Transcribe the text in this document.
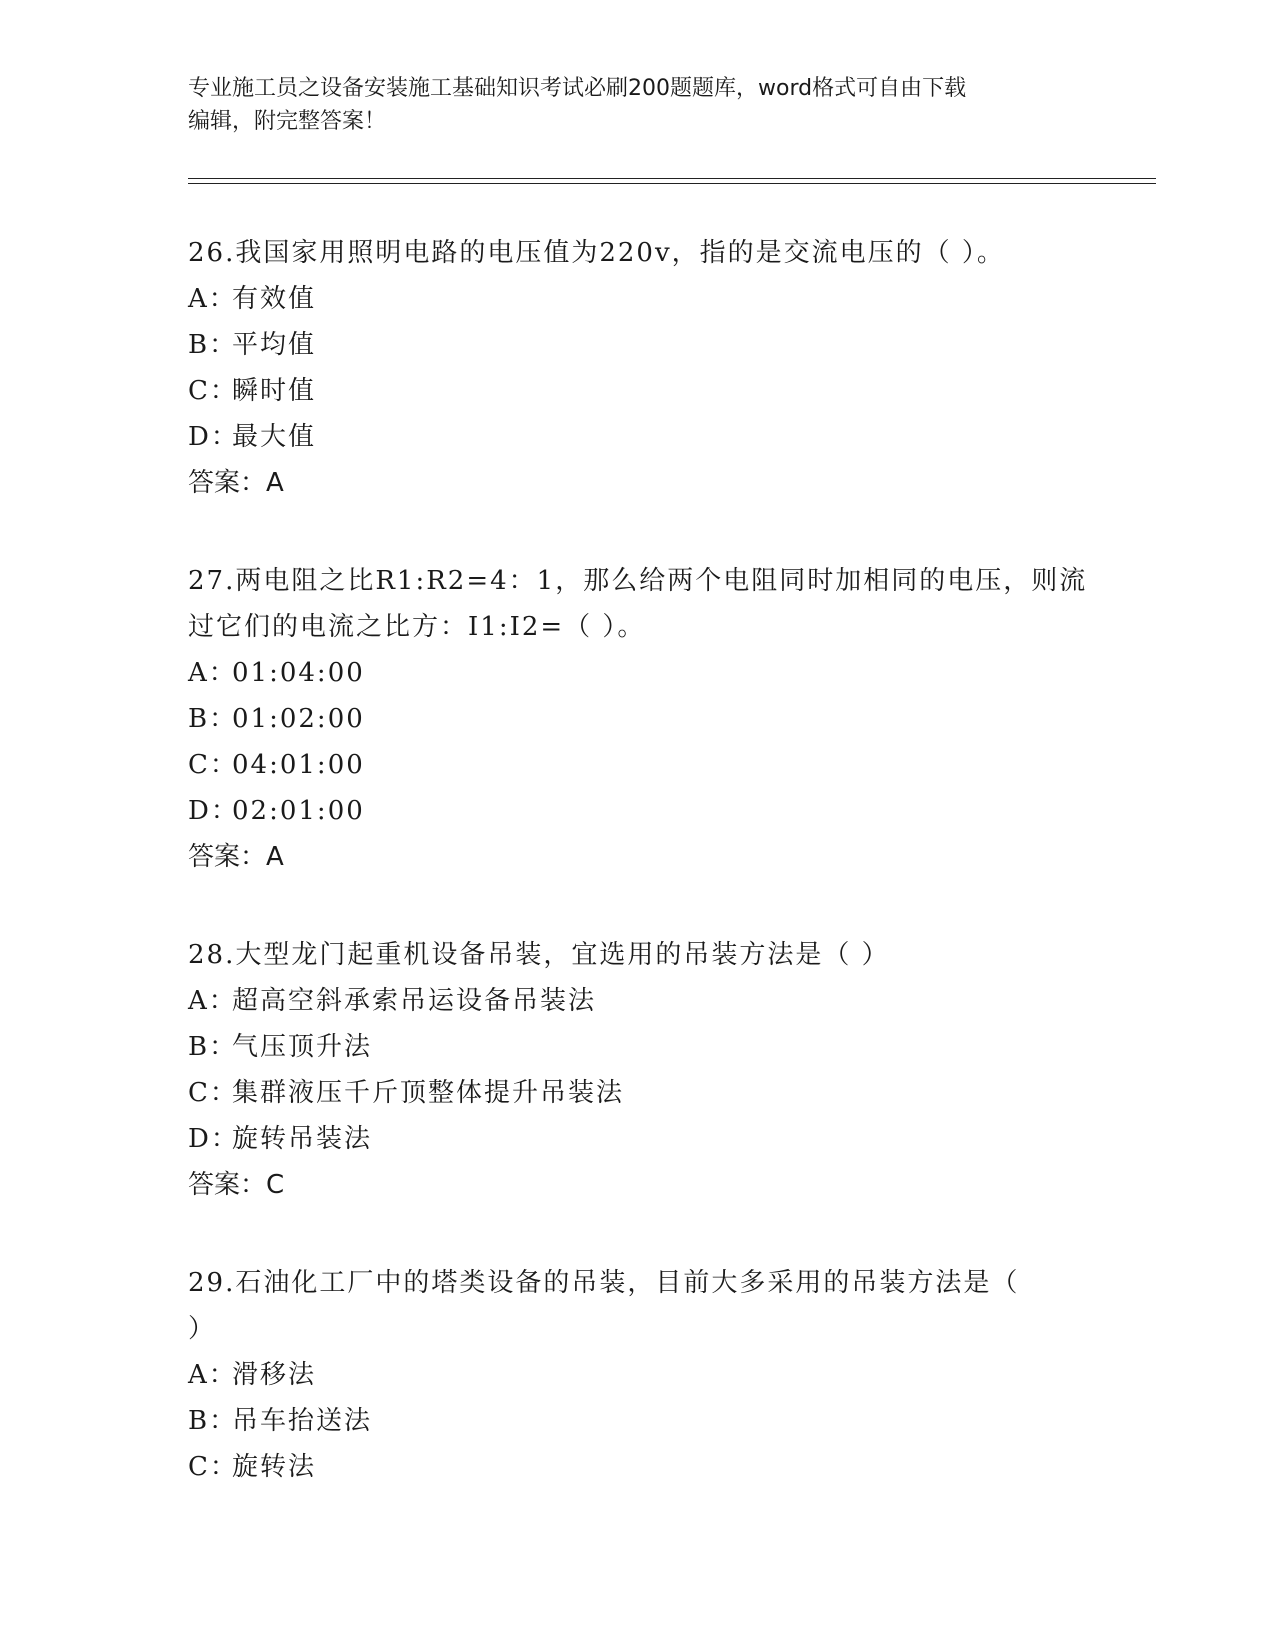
专业施工员之设备安装施工基础知识考试必刷200题题库，word格式可自由下载
编辑，附完整答案！

26.我国家用照明电路的电压值为220v，指的是交流电压的（ ）。

A：有效值

B：平均值

C：瞬时值

D：最大值

答案：A

27.两电阻之比R1:R2=4：1，那么给两个电阻同时加相同的电压，则流

过它们的电流之比方：I1:I2=（ ）。

A：01:04:00

B：01:02:00

C：04:01:00

D：02:01:00

答案：A

28.大型龙门起重机设备吊装，宜选用的吊装方法是（ ）

A：超高空斜承索吊运设备吊装法

B：气压顶升法

C：集群液压千斤顶整体提升吊装法

D：旋转吊装法

答案：C

29.石油化工厂中的塔类设备的吊装，目前大多采用的吊装方法是（

）

A：滑移法

B：吊车抬送法

C：旋转法
